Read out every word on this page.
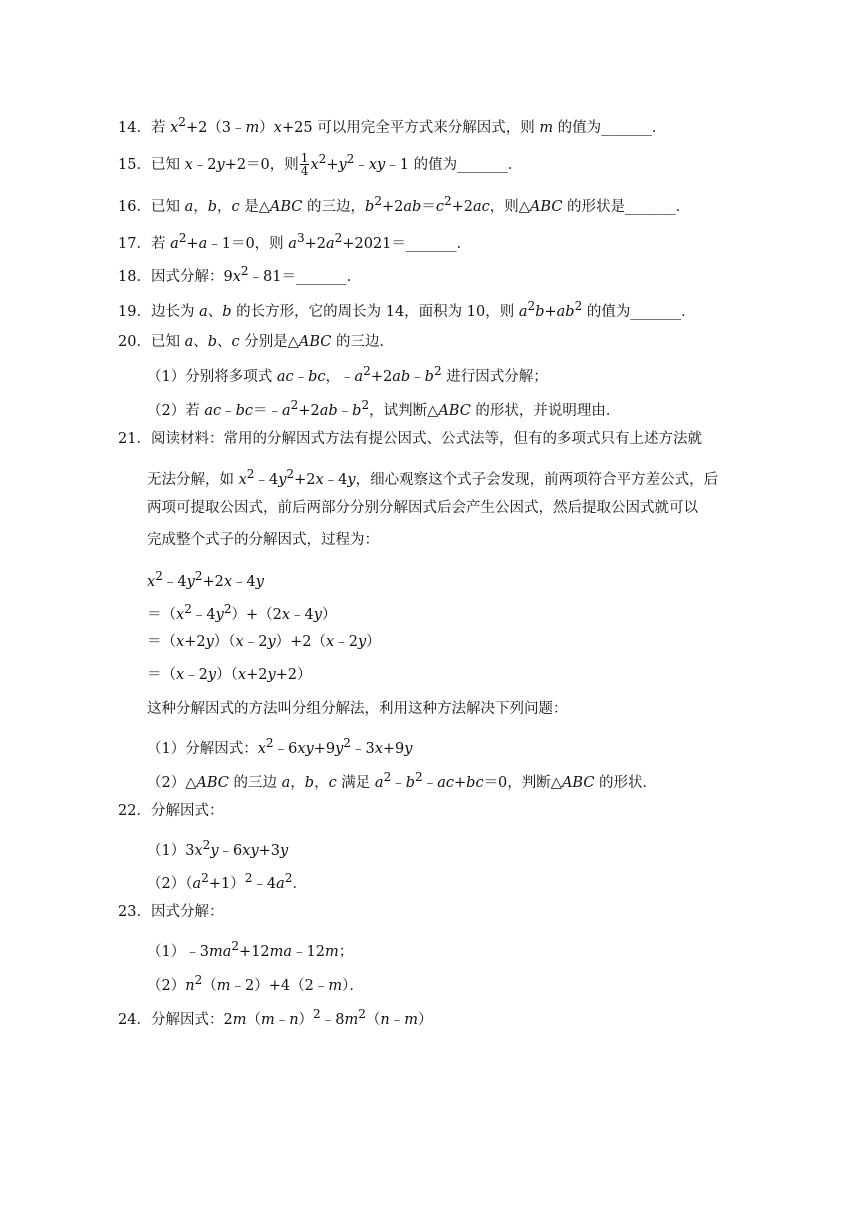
14．若 $x^2+2(3﹣m)x+25$ 可以用完全平方式来分解因式，则 m 的值为_______．
15．已知 x﹣2y+2＝0，则 $\frac{1}{4}$ $x^2+y^2﹣xy﹣1$ 的值为_______．
16．已知 a，b，c 是△ABC 的三边，$b^2+2ab=c^2+2ac$，则△ABC 的形状是_______．
17．若 $a^2+a﹣1=0$，则 $a^3+2a^2+2021=\_\_\_\_\_\_\_$．
18．因式分解：$9x^2﹣81=\_\_\_\_\_\_\_$．
19．边长为 a、b 的长方形，它的周长为 14，面积为 10，则 $a^2b+ab^2$ 的值为_______．
20．已知 a、b、c 分别是△ABC 的三边．
（1）分别将多项式 ac﹣bc，$﹣a^2+2ab﹣b^2$ 进行因式分解；
（2）若 $ac﹣bc=﹣a^2+2ab﹣b^2$，试判断△ABC 的形状，并说明理由．
21．阅读材料：常用的分解因式方法有提公因式、公式法等，但有的多项式只有上述方法就
无法分解，如 $x^2﹣4y^2+2x﹣4y$，细心观察这个式子会发现，前两项符合平方差公式，后
两项可提取公因式，前后两部分分别分解因式后会产生公因式，然后提取公因式就可以
完成整个式子的分解因式，过程为：
$x^2﹣4y^2+2x﹣4y$
$=(x^2﹣4y^2)+(2x﹣4y)$
＝（x+2y）（x﹣2y）+2（x﹣2y）
＝（x﹣2y）（x+2y+2）
这种分解因式的方法叫分组分解法，利用这种方法解决下列问题：
（1）分解因式：$x^2﹣6xy+9y^2﹣3x+9y$
（2）△ABC 的三边 a，b，c 满足 $a^2﹣b^2﹣ac+bc=0$，判断△ABC 的形状．
22．分解因式：
$(1)3x^2y﹣6xy+3y$
$(2)(a^2+1)^2﹣4a^2$．
23．因式分解：
$(1)﹣3ma^2+12ma﹣12m$；
$(2)n^2(m﹣2)+4(2﹣m)$．
24．分解因式：$2m(m﹣n)^2﹣8m^2(n﹣m)$
